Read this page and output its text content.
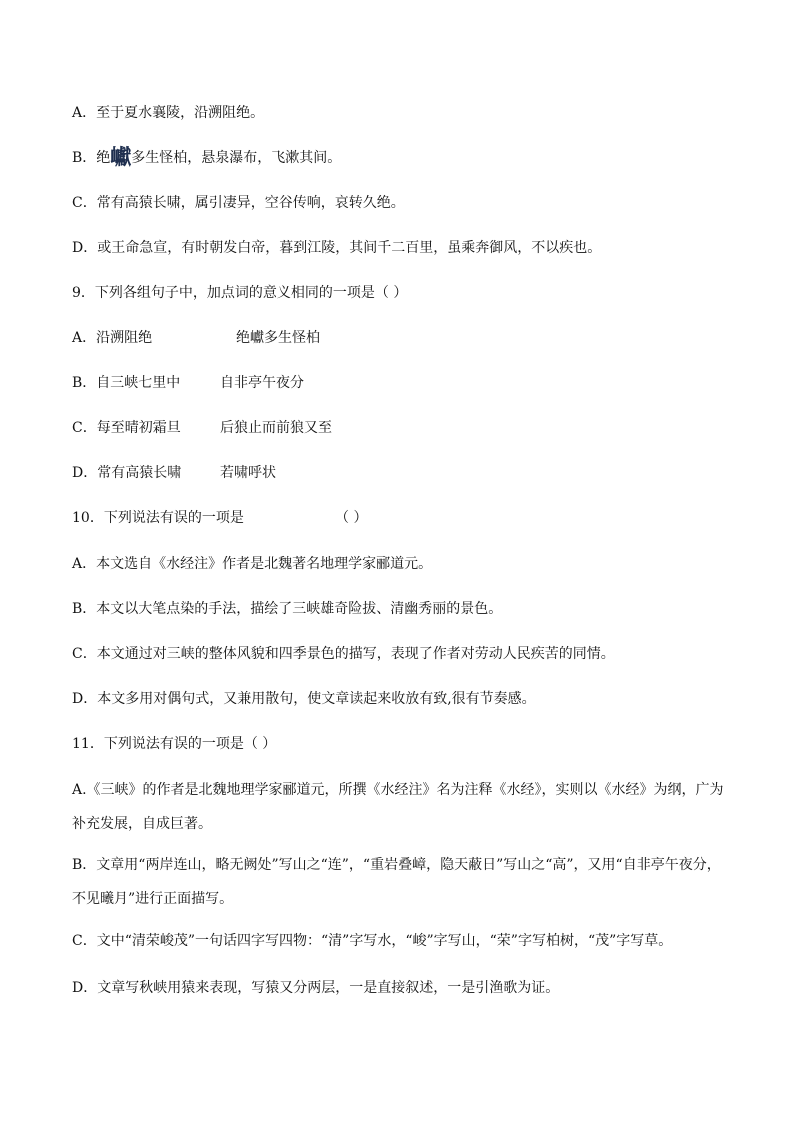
A．至于夏水襄陵，沿溯阻绝。
B．绝巘多生怪柏，悬泉瀑布，飞漱其间。
C．常有高猿长啸，属引凄异，空谷传响，哀转久绝。
D．或王命急宣，有时朝发白帝，暮到江陵，其间千二百里，虽乘奔御风，不以疾也。
9．下列各组句子中，加点词的意义相同的一项是（ ）
A．沿溯阻绝	绝巘多生怪柏
B．自三峡七里中	自非亭午夜分
C．每至晴初霜旦	后狼止而前狼又至
D．常有高猿长啸	若啸呼状
10．下列说法有误的一项是	（ ）
A．本文选自《水经注》作者是北魏著名地理学家郦道元。
B．本文以大笔点染的手法，描绘了三峡雄奇险拔、清幽秀丽的景色。
C．本文通过对三峡的整体风貌和四季景色的描写，表现了作者对劳动人民疾苦的同情。
D．本文多用对偶句式，又兼用散句，使文章读起来收放有致,很有节奏感。
11．下列说法有误的一项是（ ）
A.《三峡》的作者是北魏地理学家郦道元，所撰《水经注》名为注释《水经》，实则以《水经》为纲，广为补充发展，自成巨著。
B．文章用“两岸连山，略无阙处”写山之“连”，“重岩叠嶂，隐天蔽日”写山之“高”，又用“自非亭午夜分，不见曦月”进行正面描写。
C．文中“清荣峻茂”一句话四字写四物：“清”字写水，“峻”字写山，“荣”字写柏树，“茂”字写草。
D．文章写秋峡用猿来表现，写猿又分两层，一是直接叙述，一是引渔歌为证。
